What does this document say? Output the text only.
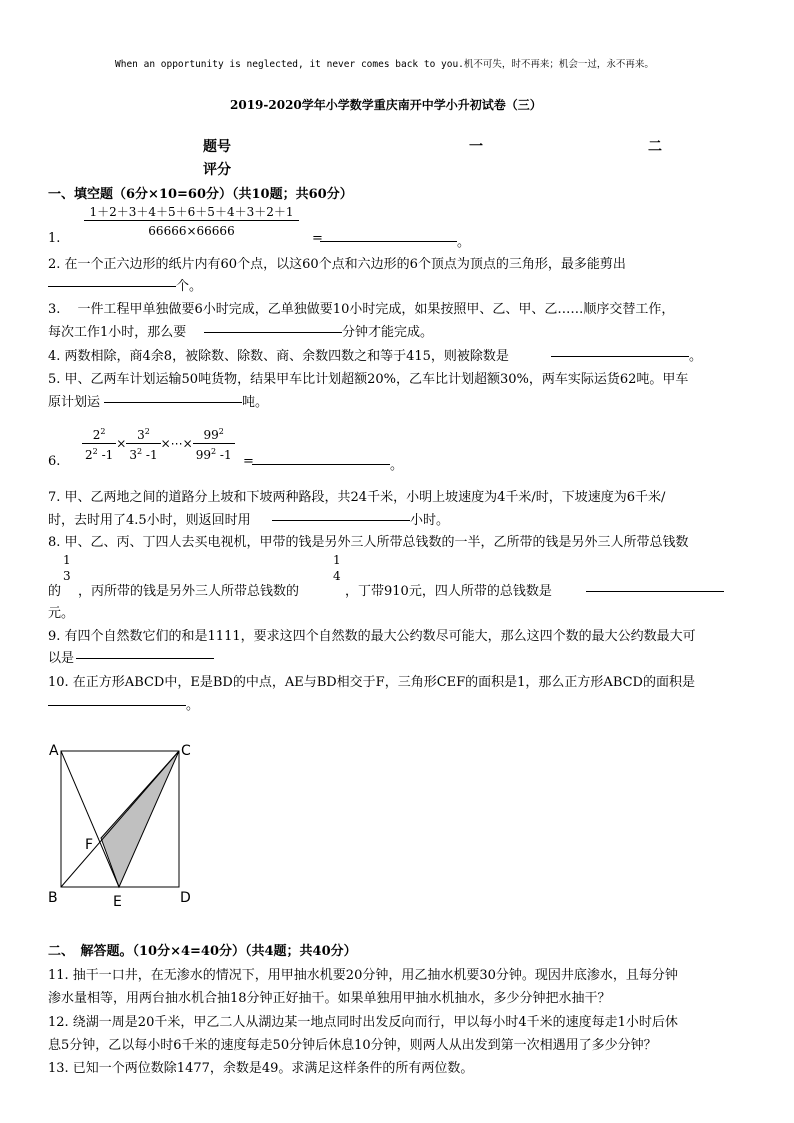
When an opportunity is neglected, it never comes back to you.机不可失，时不再来；机会一过，永不再来。
2019-2020学年小学数学重庆南开中学小升初试卷（三）
题号	一	二
评分
一、填空题（6分×10=60分）（共10题；共60分）
1.
1＋2＋3＋4＋5＋6＋5＋4＋3＋2＋1
66666×66666	=	。
2. 在一个正六边形的纸片内有60个点，以这60个点和六边形的6个顶点为顶点的三角形，最多能剪出
个。
3.　 一件工程甲单独做要6小时完成，乙单独做要10小时完成，如果按照甲、乙、甲、乙……顺序交替工作，
每次工作1小时，那么要	分钟才能完成。
4. 两数相除，商4余8，被除数、除数、商、余数四数之和等于415，则被除数是	。
5. 甲、乙两车计划运输50吨货物，结果甲车比计划超额20%，乙车比计划超额30%，两车实际运货62吨。甲车
原计划运	吨。
6. $\frac{2^2}{2^2 -1} \times \frac{3^2}{3^2 -1}$ ×⋯× $\frac{99^2}{99^2 -1}$ =	。
7. 甲、乙两地之间的道路分上坡和下坡两种路段，共24千米，小明上坡速度为4千米/时，下坡速度为6千米/
时，去时用了4.5小时，则返回时用	小时。
8. 甲、乙、丙、丁四人去买电视机，甲带的钱是另外三人所带总钱数的一半，乙所带的钱是另外三人所带总钱数
的
1
3
，丙所带的钱是另外三人所带总钱数的
1
4
，丁带910元，四人所带的总钱数是
元。
9. 有四个自然数它们的和是1111，要求这四个自然数的最大公约数尽可能大，那么这四个数的最大公约数最大可
以是
10. 在正方形ABCD中，E是BD的中点，AE与BD相交于F，三角形CEF的面积是1，那么正方形ABCD的面积是
。
A	C
F
B	E	D
二、　解答题。（10分×4=40分）（共4题；共40分）
11. 抽干一口井，在无渗水的情况下，用甲抽水机要20分钟，用乙抽水机要30分钟。现因井底渗水，且每分钟
渗水量相等，用两台抽水机合抽18分钟正好抽干。如果单独用甲抽水机抽水，多少分钟把水抽干？
12. 绕湖一周是20千米，甲乙二人从湖边某一地点同时出发反向而行，甲以每小时4千米的速度每走1小时后休
息5分钟，乙以每小时6千米的速度每走50分钟后休息10分钟，则两人从出发到第一次相遇用了多少分钟？
13. 已知一个两位数除1477，余数是49。求满足这样条件的所有两位数。
